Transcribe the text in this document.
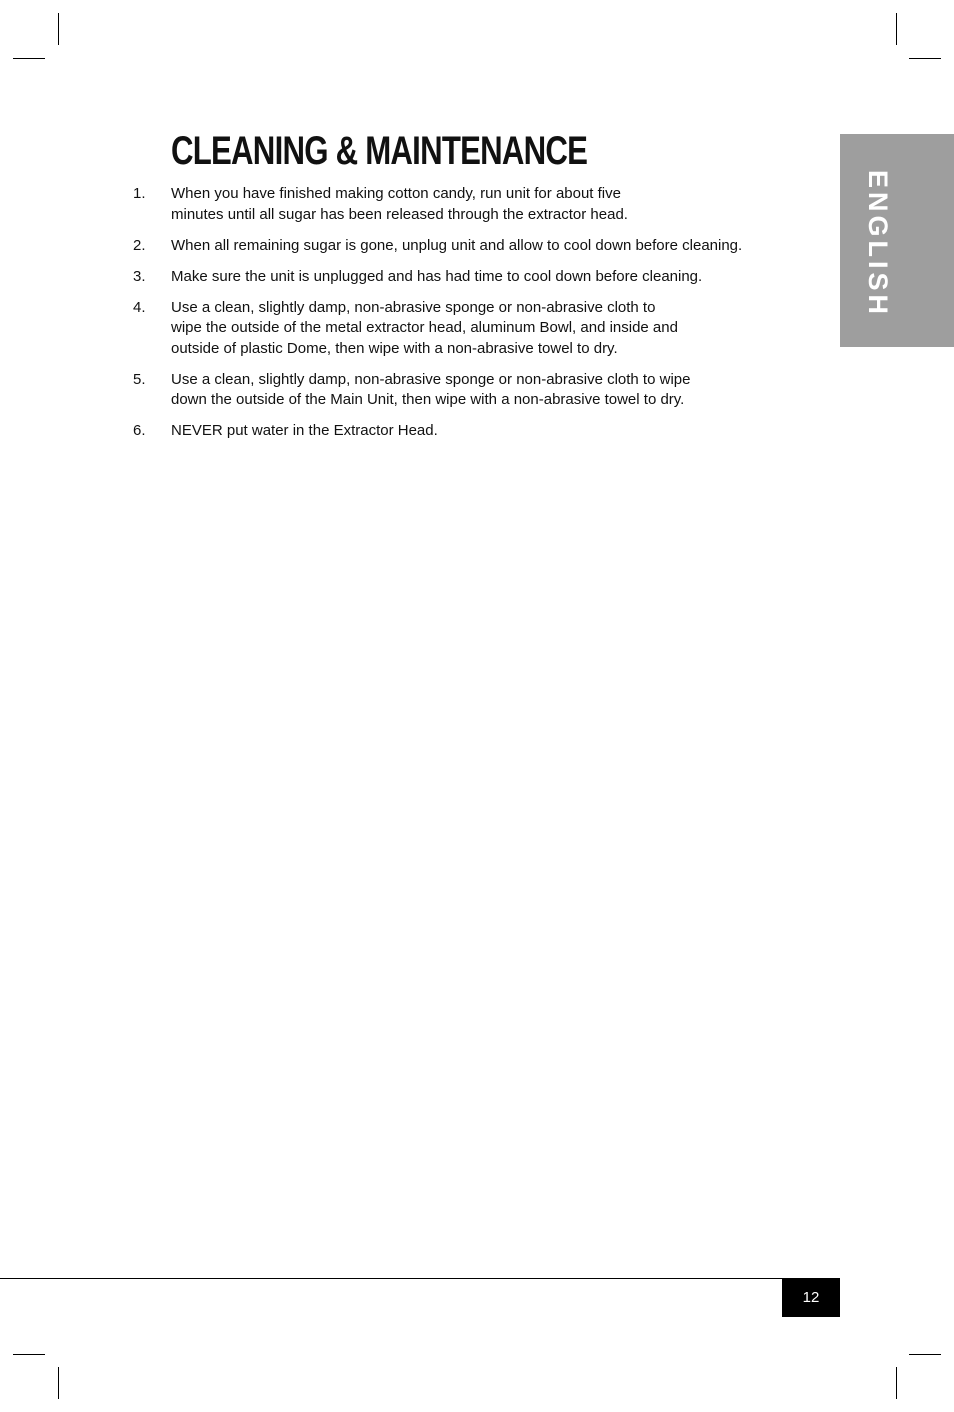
CLEANING & MAINTENANCE
1. When you have finished making cotton candy, run unit for about five
minutes until all sugar has been released through the extractor head.
2. When all remaining sugar is gone, unplug unit and allow to cool down before cleaning.
3. Make sure the unit is unplugged and has had time to cool down before cleaning.
4. Use a clean, slightly damp, non-abrasive sponge or non-abrasive cloth to
wipe the outside of the metal extractor head, aluminum Bowl, and inside and
outside of plastic Dome, then wipe with a non-abrasive towel to dry.
5. Use a clean, slightly damp, non-abrasive sponge or non-abrasive cloth to wipe
down the outside of the Main Unit, then wipe with a non-abrasive towel to dry.
6. NEVER put water in the Extractor Head.
ENGLISH
12
